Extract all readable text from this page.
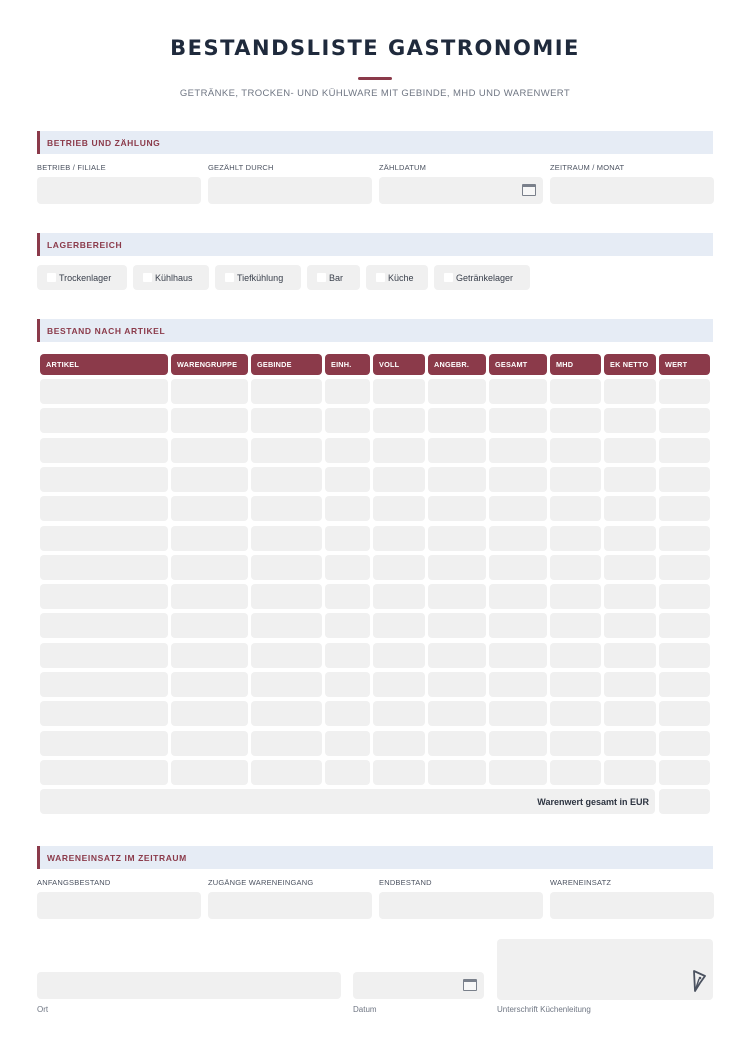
BESTANDSLISTE GASTRONOMIE
GETRÄNKE, TROCKEN- UND KÜHLWARE MIT GEBINDE, MHD UND WARENWERT
BETRIEB UND ZÄHLUNG
BETRIEB / FILIALE	GEZÄHLT DURCH	ZÄHLDATUM	ZEITRAUM / MONAT
LAGERBEREICH
Trockenlager	Kühlhaus	Tiefkühlung	Bar	Küche	Getränkelager
BESTAND NACH ARTIKEL
ARTIKEL	WARENGRUPPE	GEBINDE	EINH.	VOLL	ANGEBR.	GESAMT	MHD	EK NETTO	WERT
Warenwert gesamt in EUR
WARENEINSATZ IM ZEITRAUM
ANFANGSBESTAND	ZUGÄNGE WARENEINGANG	ENDBESTAND	WARENEINSATZ
Ort	Datum	Unterschrift Küchenleitung
